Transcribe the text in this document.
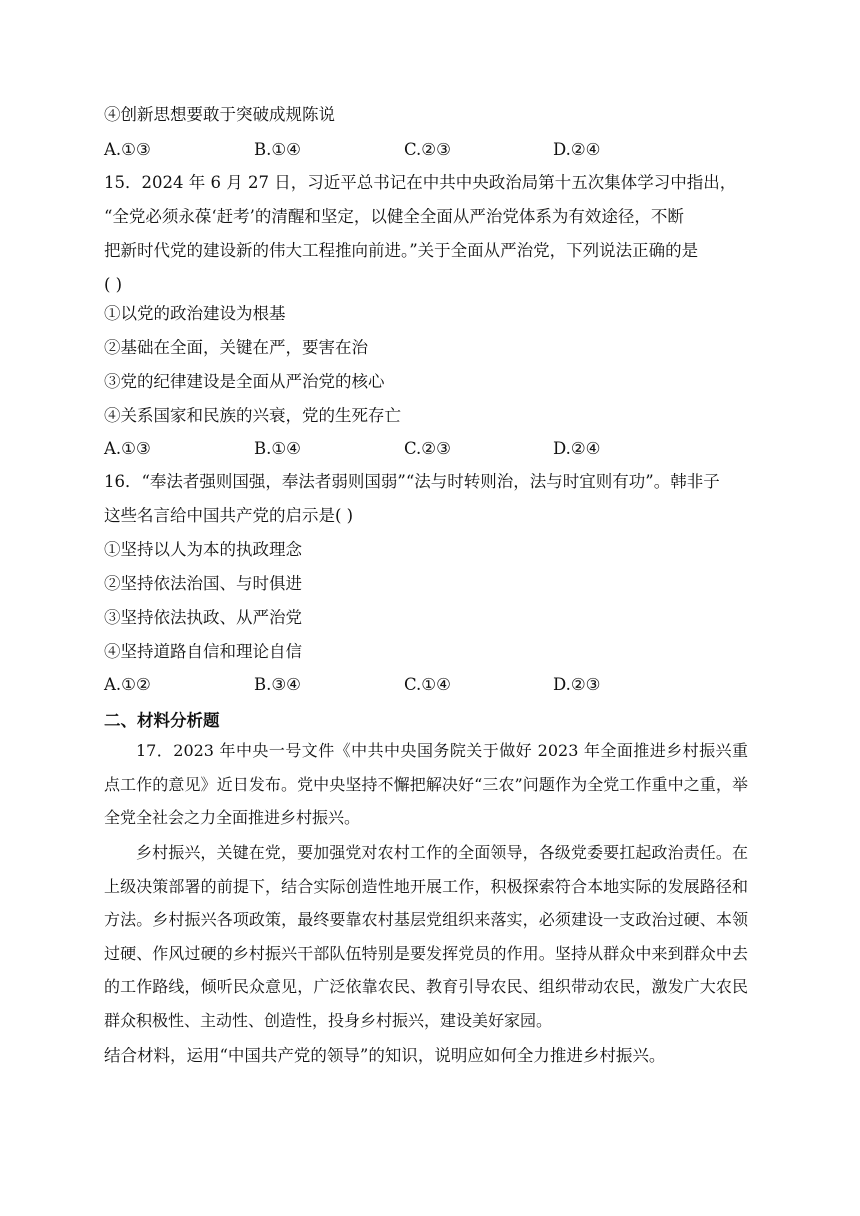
④创新思想要敢于突破成规陈说
A.①③	B.①④	C.②③	D.②④
15．2024 年 6 月 27 日，习近平总书记在中共中央政治局第十五次集体学习中指出，
“全党必须永葆‘赶考’的清醒和坚定，以健全全面从严治党体系为有效途径，不断
把新时代党的建设新的伟大工程推向前进。”关于全面从严治党，下列说法正确的是
( )
①以党的政治建设为根基
②基础在全面，关键在严，要害在治
③党的纪律建设是全面从严治党的核心
④关系国家和民族的兴衰，党的生死存亡
A.①③	B.①④	C.②③	D.②④
16．“奉法者强则国强，奉法者弱则国弱”“法与时转则治，法与时宜则有功”。韩非子
这些名言给中国共产党的启示是( )
①坚持以人为本的执政理念
②坚持依法治国、与时俱进
③坚持依法执政、从严治党
④坚持道路自信和理论自信
A.①②	B.③④	C.①④	D.②③
二、材料分析题
17．2023 年中央一号文件《中共中央国务院关于做好 2023 年全面推进乡村振兴重点工作的意见》近日发布。党中央坚持不懈把解决好“三农”问题作为全党工作重中之重，举全党全社会之力全面推进乡村振兴。
乡村振兴，关键在党，要加强党对农村工作的全面领导，各级党委要扛起政治责任。在上级决策部署的前提下，结合实际创造性地开展工作，积极探索符合本地实际的发展路径和方法。乡村振兴各项政策，最终要靠农村基层党组织来落实，必须建设一支政治过硬、本领过硬、作风过硬的乡村振兴干部队伍特别是要发挥党员的作用。坚持从群众中来到群众中去的工作路线，倾听民众意见，广泛依靠农民、教育引导农民、组织带动农民，激发广大农民群众积极性、主动性、创造性，投身乡村振兴，建设美好家园。
结合材料，运用“中国共产党的领导”的知识，说明应如何全力推进乡村振兴。
